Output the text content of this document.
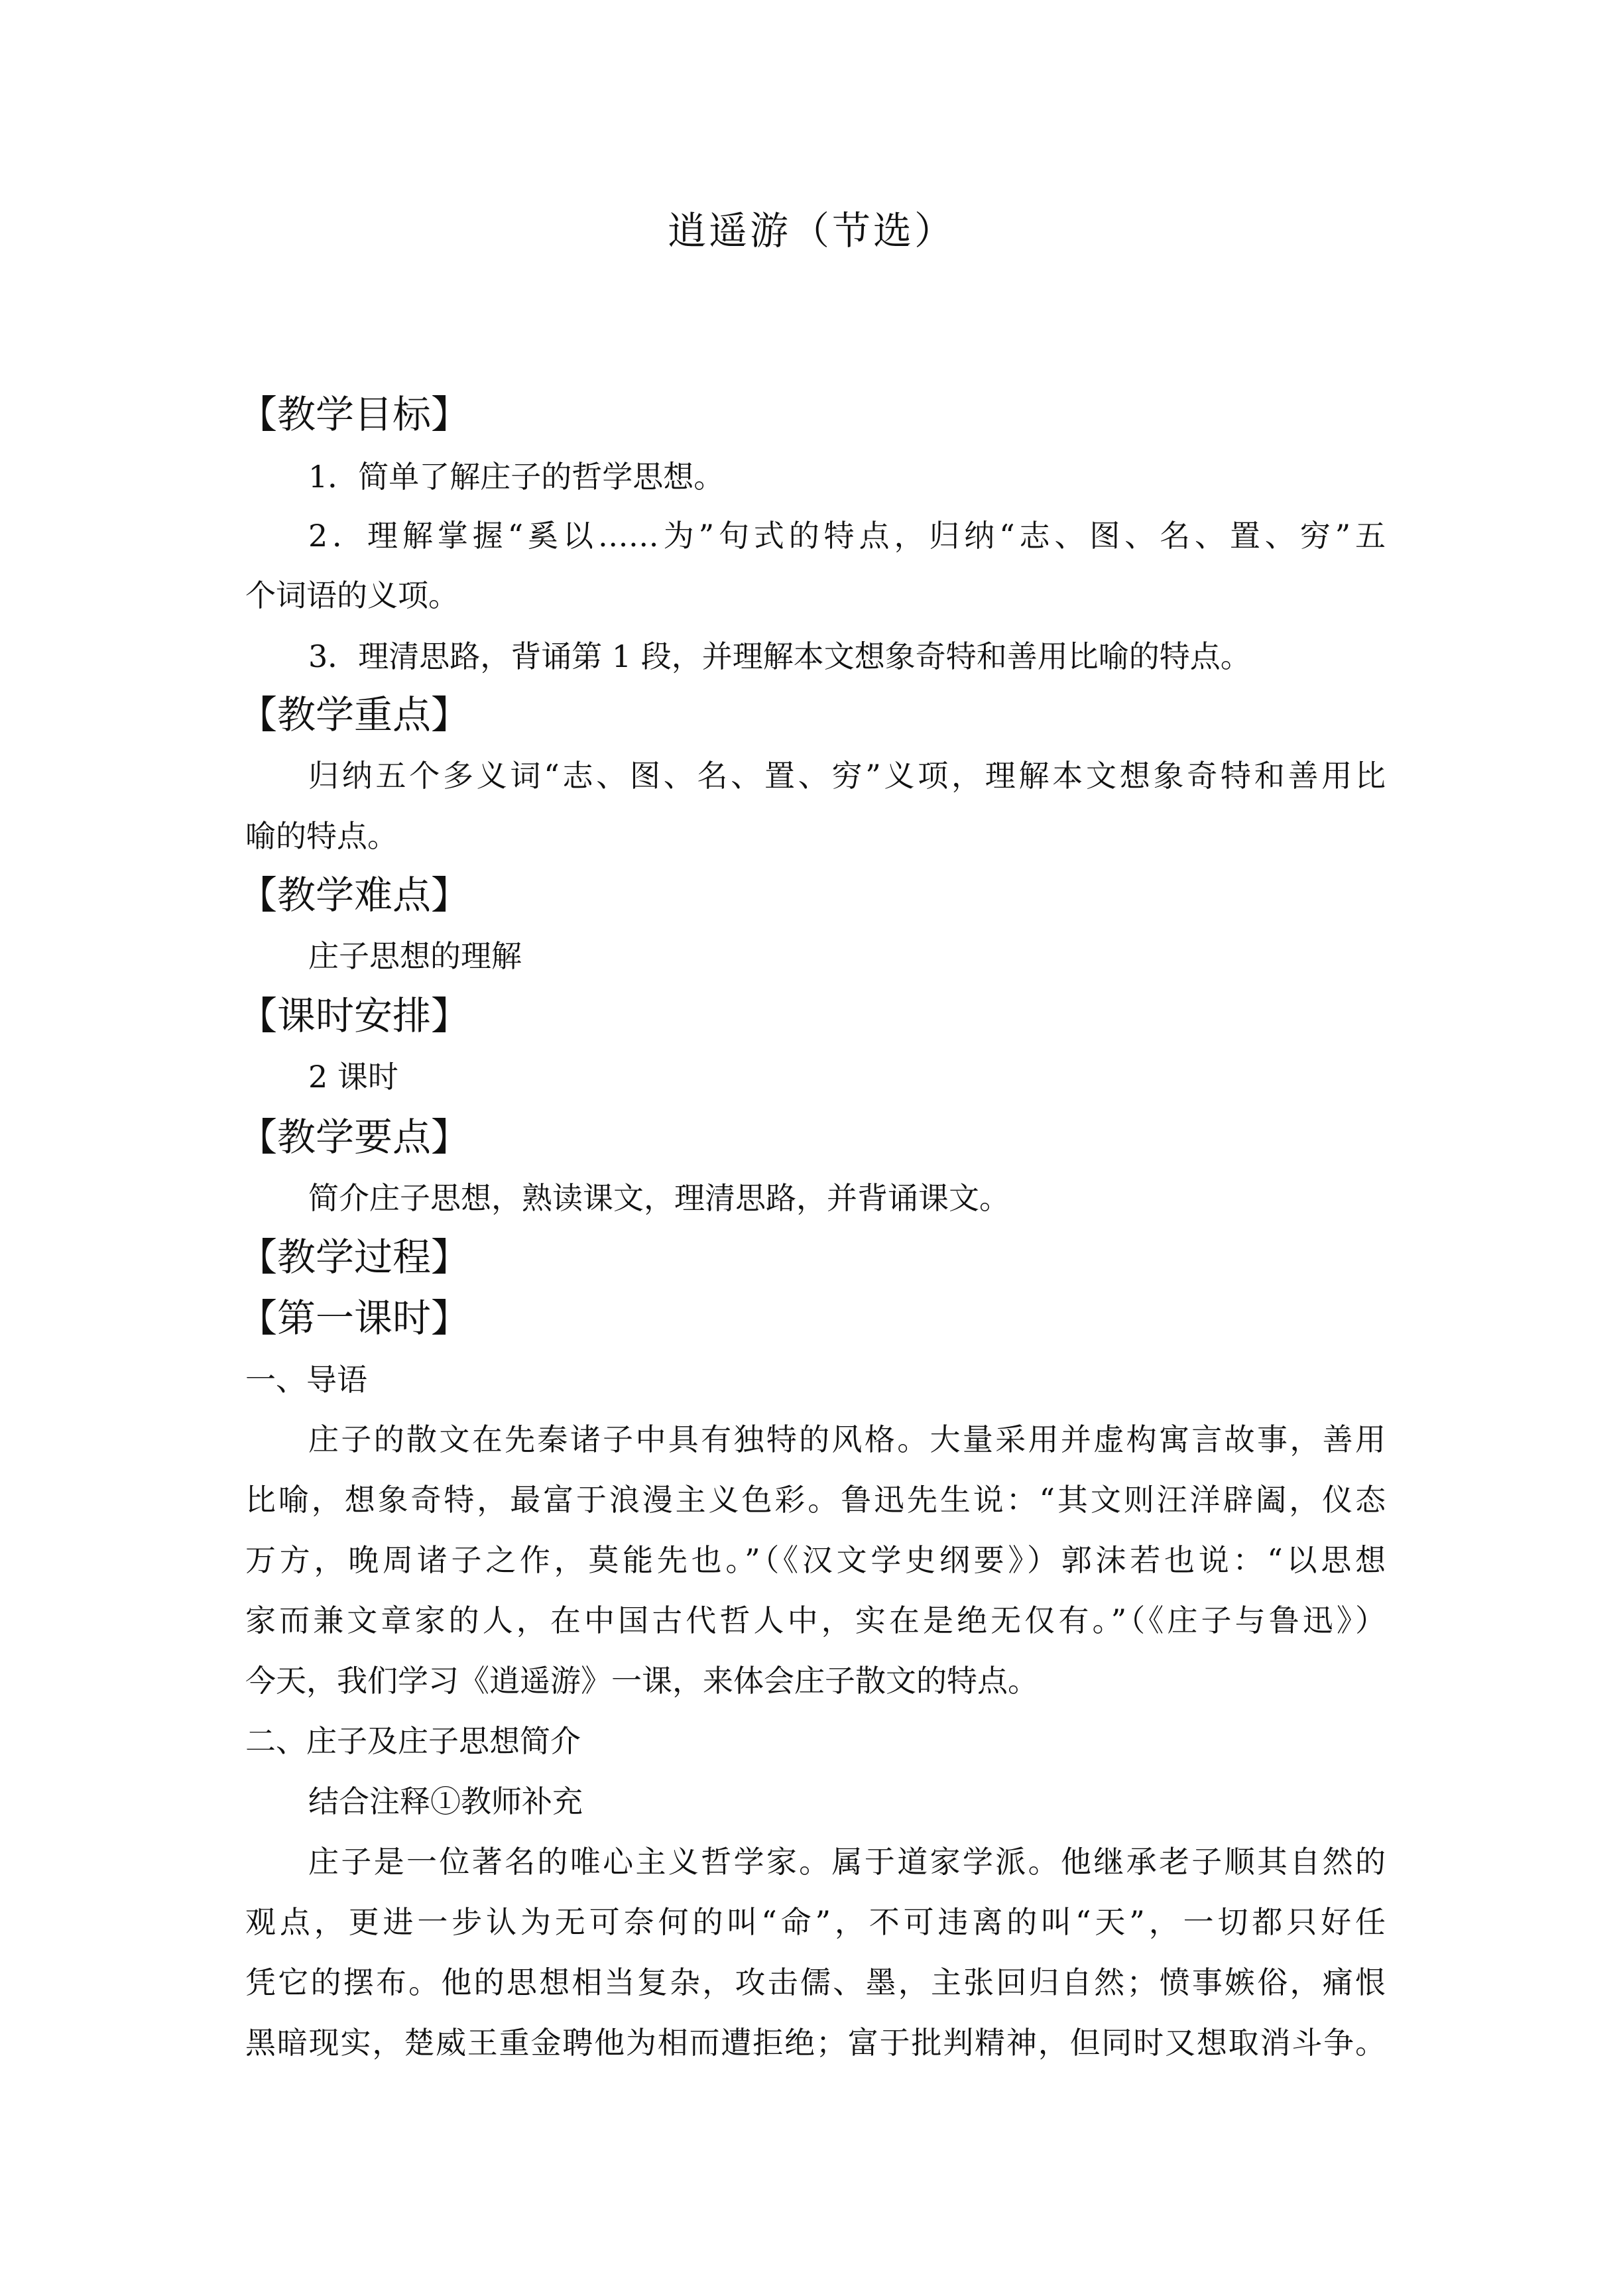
逍遥游（节选）
【教学目标】
1．简单了解庄子的哲学思想。
2．理解掌握“奚以……为”句式的特点，归纳“志、图、名、置、穷”五
个词语的义项。
3．理清思路，背诵第 1 段，并理解本文想象奇特和善用比喻的特点。
【教学重点】
归纳五个多义词“志、图、名、置、穷”义项，理解本文想象奇特和善用比
喻的特点。
【教学难点】
庄子思想的理解
【课时安排】
2 课时
【教学要点】
简介庄子思想，熟读课文，理清思路，并背诵课文。
【教学过程】
【第一课时】
一、导语
庄子的散文在先秦诸子中具有独特的风格。大量采用并虚构寓言故事，善用
比喻，想象奇特，最富于浪漫主义色彩。鲁迅先生说：“其文则汪洋辟阖，仪态
万方，晚周诸子之作，莫能先也。”（《汉文学史纲要》）郭沫若也说：“以思想
家而兼文章家的人，在中国古代哲人中，实在是绝无仅有。”（《庄子与鲁迅》）
今天，我们学习《逍遥游》一课，来体会庄子散文的特点。
二、庄子及庄子思想简介
结合注释①教师补充
庄子是一位著名的唯心主义哲学家。属于道家学派。他继承老子顺其自然的
观点，更进一步认为无可奈何的叫“命”，不可违离的叫“天”，一切都只好任
凭它的摆布。他的思想相当复杂，攻击儒、墨，主张回归自然；愤事嫉俗，痛恨
黑暗现实，楚威王重金聘他为相而遭拒绝；富于批判精神，但同时又想取消斗争。
